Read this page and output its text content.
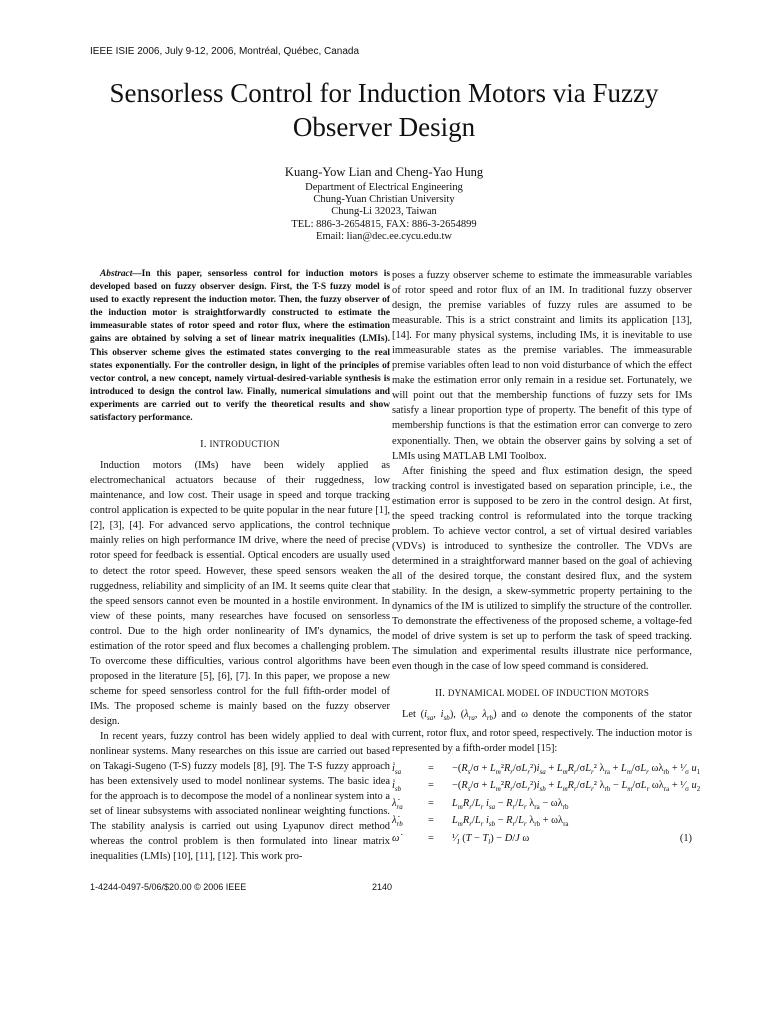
IEEE ISIE 2006, July 9-12, 2006, Montréal, Québec, Canada
Sensorless Control for Induction Motors via Fuzzy
Observer Design
Kuang-Yow Lian and Cheng-Yao Hung
Department of Electrical Engineering
Chung-Yuan Christian University
Chung-Li 32023, Taiwan
TEL: 886-3-2654815, FAX: 886-3-2654899
Email: lian@dec.ee.cycu.edu.tw

Abstract—In this paper, sensorless control for induction motors is developed based on fuzzy observer design. First, the T-S fuzzy model is used to exactly represent the induction motor. Then, the fuzzy observer of the induction motor is straightforwardly constructed to estimate the immeasurable states of rotor speed and rotor flux, where the estimation gains are obtained by solving a set of linear matrix inequalities (LMIs). This observer scheme gives the estimated states converging to the real states exponentially. For the controller design, in light of the principles of vector control, a new concept, namely virtual-desired-variable synthesis is introduced to design the control law. Finally, numerical simulations and experiments are carried out to verify the theoretical results and show satisfactory performance.

I. INTRODUCTION

Induction motors (IMs) have been widely applied as electromechanical actuators because of their ruggedness, low maintenance, and low cost. Their usage in speed and torque tracking control application is expected to be quite popular in the near future [1], [2], [3], [4]. For advanced servo applications, the control technique mainly relies on high performance IM drive, where the need of precise rotor speed for feedback is essential. Optical encoders are usually used to detect the rotor speed. However, these speed sensors weaken the ruggedness, reliability and simplicity of an IM. It seems quite clear that the speed sensors cannot even be mounted in a hostile environment. In view of these points, many researches have focused on sensorless control. Due to the high order nonlinearity of IM's dynamics, the estimation of the rotor speed and flux becomes a challenging problem. To overcome these difficulties, various control algorithms have been proposed in the literature [5], [6], [7]. In this paper, we propose a new scheme for speed sensorless control for the full fifth-order model of IMs. The proposed scheme is mainly based on the fuzzy observer design.

In recent years, fuzzy control has been widely applied to deal with nonlinear systems. Many researches on this issue are carried out based on Takagi-Sugeno (T-S) fuzzy models [8], [9]. The T-S fuzzy approach has been extensively used to model nonlinear systems. The basic idea for the approach is to decompose the model of a nonlinear system into a set of linear subsystems with associated nonlinear weighting functions. The stability analysis is carried out using Lyapunov direct method whereas the control problem is then formulated into linear matrix inequalities (LMIs) [10], [11], [12]. This work pro-

poses a fuzzy observer scheme to estimate the immeasurable variables of rotor speed and rotor flux of an IM. In traditional fuzzy observer design, the premise variables of fuzzy rules are assumed to be measurable. This is a strict constraint and limits its application [13], [14]. For many physical systems, including IMs, it is inevitable to use immeasurable states as the premise variables. The immeasurable premise variables often lead to non void disturbance of which the effect make the estimation error only remain in a residue set. Fortunately, we will point out that the membership functions of fuzzy sets for IMs satisfy a linear proportion type of property. The benefit of this type of membership functions is that the estimation error can converge to zero exponentially. Then, we obtain the observer gains by solving a set of LMIs using MATLAB LMI Toolbox.

After finishing the speed and flux estimation design, the speed tracking control is investigated based on separation principle, i.e., the estimation error is supposed to be zero in the control design. At first, the speed tracking control is reformulated into the torque tracking problem. To achieve vector control, a set of virtual desired variables (VDVs) is introduced to synthesize the controller. The VDVs are determined in a straightforward manner based on the goal of achieving all of the desired torque, the constant desired flux, and the system stability. In the design, a skew-symmetric property pertaining to the dynamics of the IM is utilized to simplify the structure of the controller. To demonstrate the effectiveness of the proposed scheme, a voltage-fed model of drive system is set up to perform the task of speed tracking. The simulation and experimental results illustrate nice performance, even though in the case of low speed command is considered.

II. DYNAMICAL MODEL OF INDUCTION MOTORS

Let ($i_{sa}$, $i_{sb}$), ($\lambda_{ra}$, $\lambda_{rb}$) and ω denote the components of the stator current, rotor flux, and rotor speed, respectively. The induction motor is represented by a fifth-order model [15]:

$i̇_{sa}$	= $-(R_s/\sigma + L_m^2R_r/\sigma L_r^2)i_{sa} + L_mR_r/\sigma L_r^2$ $\lambda_{ra} + L_m/\sigma L_r$ $\omega\lambda_{rb}$ + $^1⁄_\sigma$ $u_1$
$i̇_{sb}$	= $-(R_s/\sigma + L_m^2R_r/\sigma L_r^2)i_{sb} + L_mR_r/\sigma L_r^2$ $\lambda_{rb} - L_m/\sigma L_r$ $\omega\lambda_{ra}$ + $^1⁄_\sigma$ $u_2$
$\lambdȧ_{ra}$	= $L_mR_r/L_r$ $i_{sa} - R_r/L_r$ $\lambda_{ra} - \omega\lambda_{rb}$
$\lambdȧ_{rb}$	= $L_mR_r/L_r$ $i_{sb} - R_r/L_r$ $\lambda_{rb} + \omega\lambda_{ra}$
ω̇	= $^1⁄_J$ $(T - T_l) - D/J$ ω	(1)
1-4244-0497-5/06/$20.00 © 2006 IEEE	2140
